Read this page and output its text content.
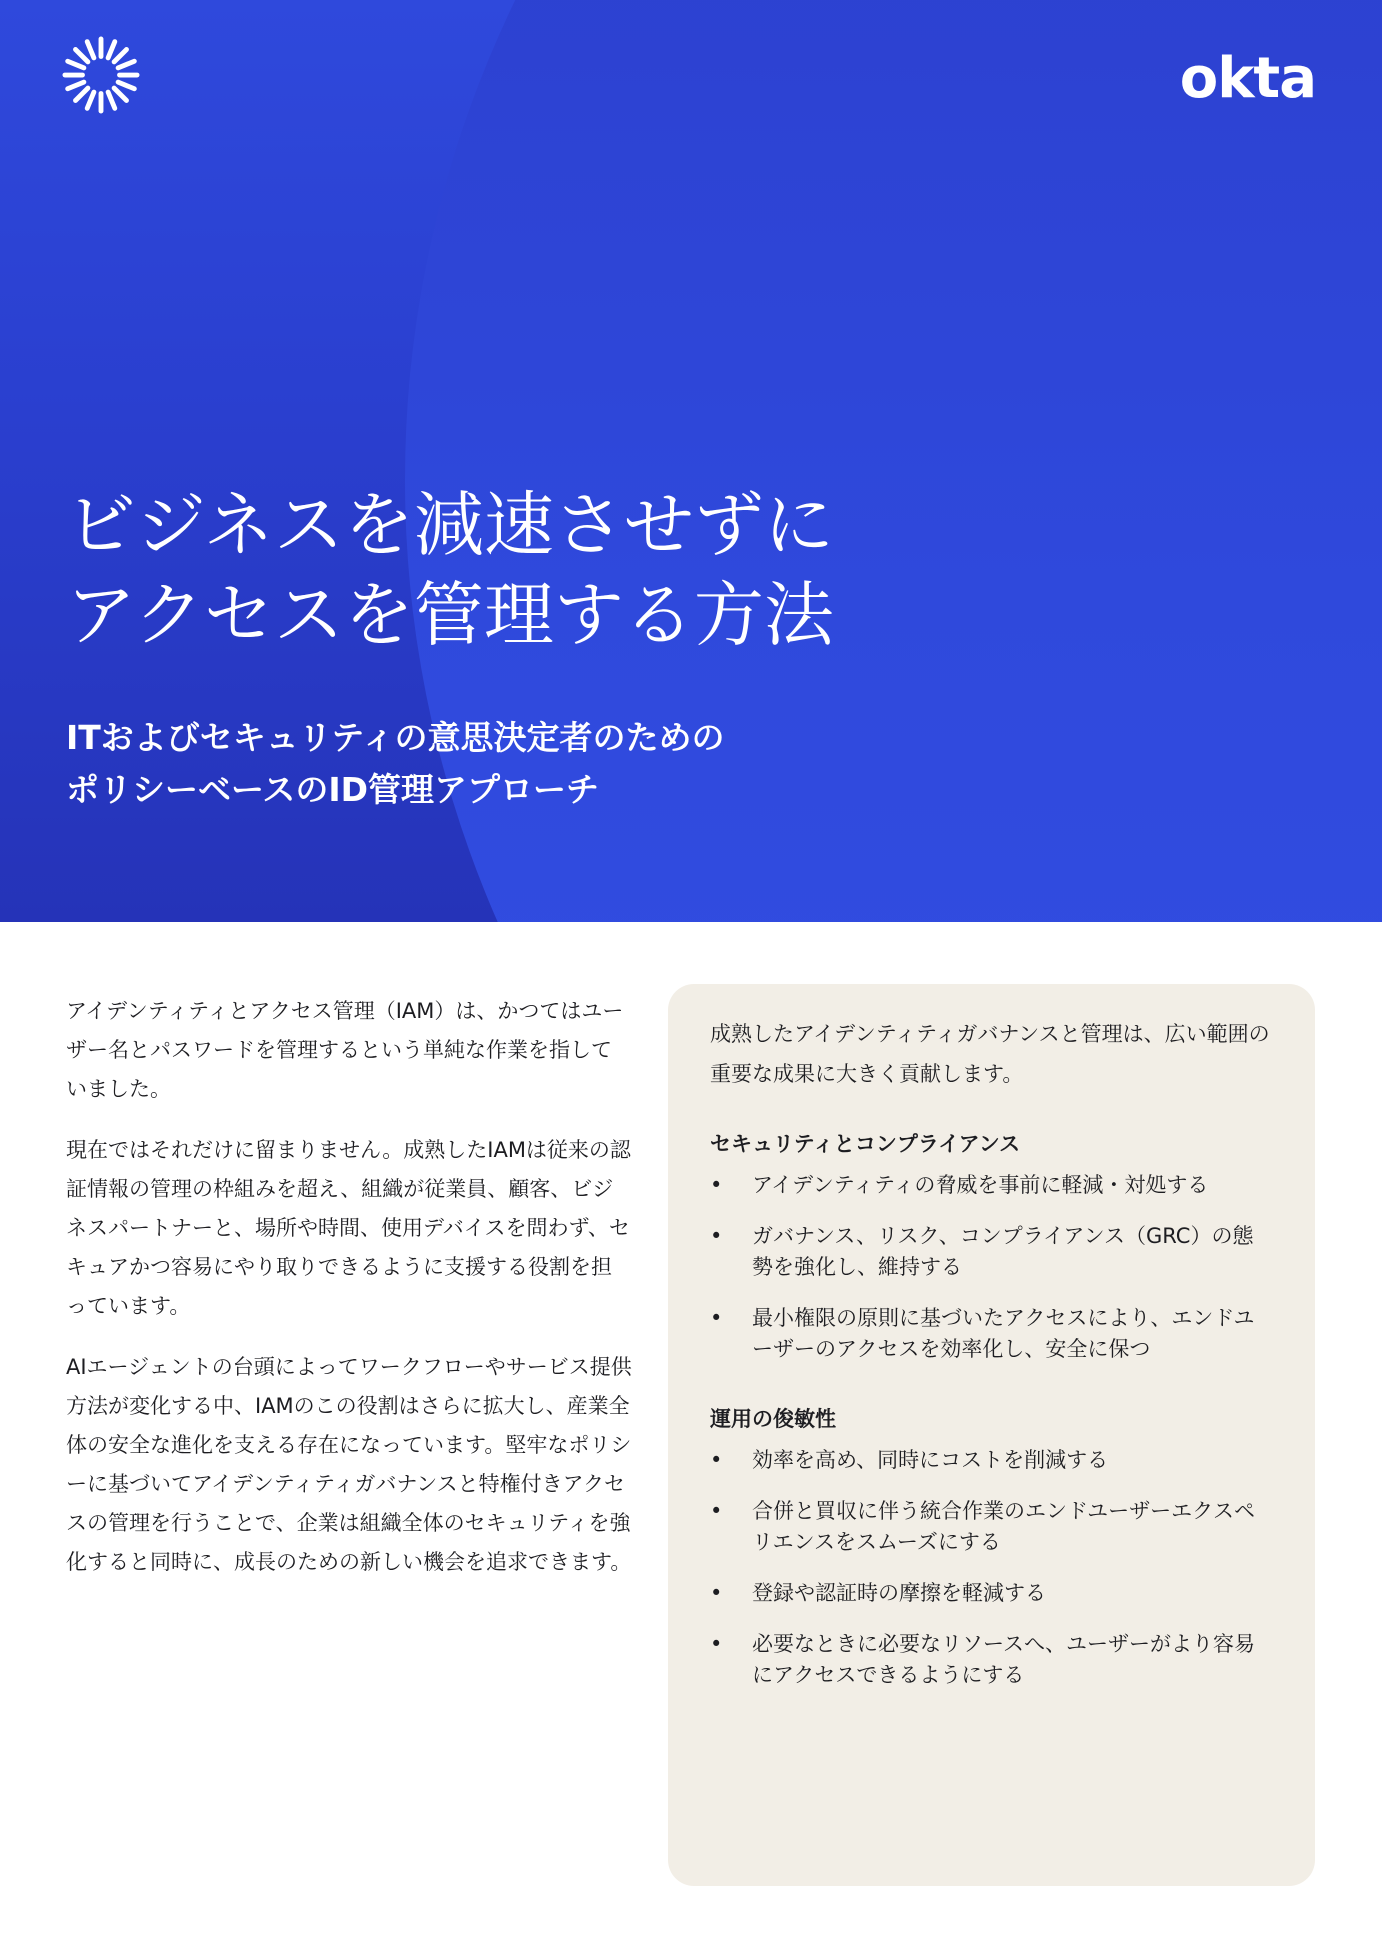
okta
ビジネスを減速させずに
アクセスを管理する方法
ITおよびセキュリティの意思決定者のための
ポリシーベースのID管理アプローチ

アイデンティティとアクセス管理（IAM）は、かつてはユーザー名とパスワードを管理するという単純な作業を指していました。

現在ではそれだけに留まりません。成熟したIAMは従来の認証情報の管理の枠組みを超え、組織が従業員、顧客、ビジネスパートナーと、場所や時間、使用デバイスを問わず、セキュアかつ容易にやり取りできるように支援する役割を担っています。

AIエージェントの台頭によってワークフローやサービス提供方法が変化する中、IAMのこの役割はさらに拡大し、産業全体の安全な進化を支える存在になっています。堅牢なポリシーに基づいてアイデンティティガバナンスと特権付きアクセスの管理を行うことで、企業は組織全体のセキュリティを強化すると同時に、成長のための新しい機会を追求できます。

成熟したアイデンティティガバナンスと管理は、広い範囲の重要な成果に大きく貢献します。

セキュリティとコンプライアンス
• アイデンティティの脅威を事前に軽減・対処する
• ガバナンス、リスク、コンプライアンス（GRC）の態勢を強化し、維持する
• 最小権限の原則に基づいたアクセスにより、エンドユーザーのアクセスを効率化し、安全に保つ
運用の俊敏性
• 効率を高め、同時にコストを削減する
• 合併と買収に伴う統合作業のエンドユーザーエクスペリエンスをスムーズにする
• 登録や認証時の摩擦を軽減する
• 必要なときに必要なリソースへ、ユーザーがより容易にアクセスできるようにする
